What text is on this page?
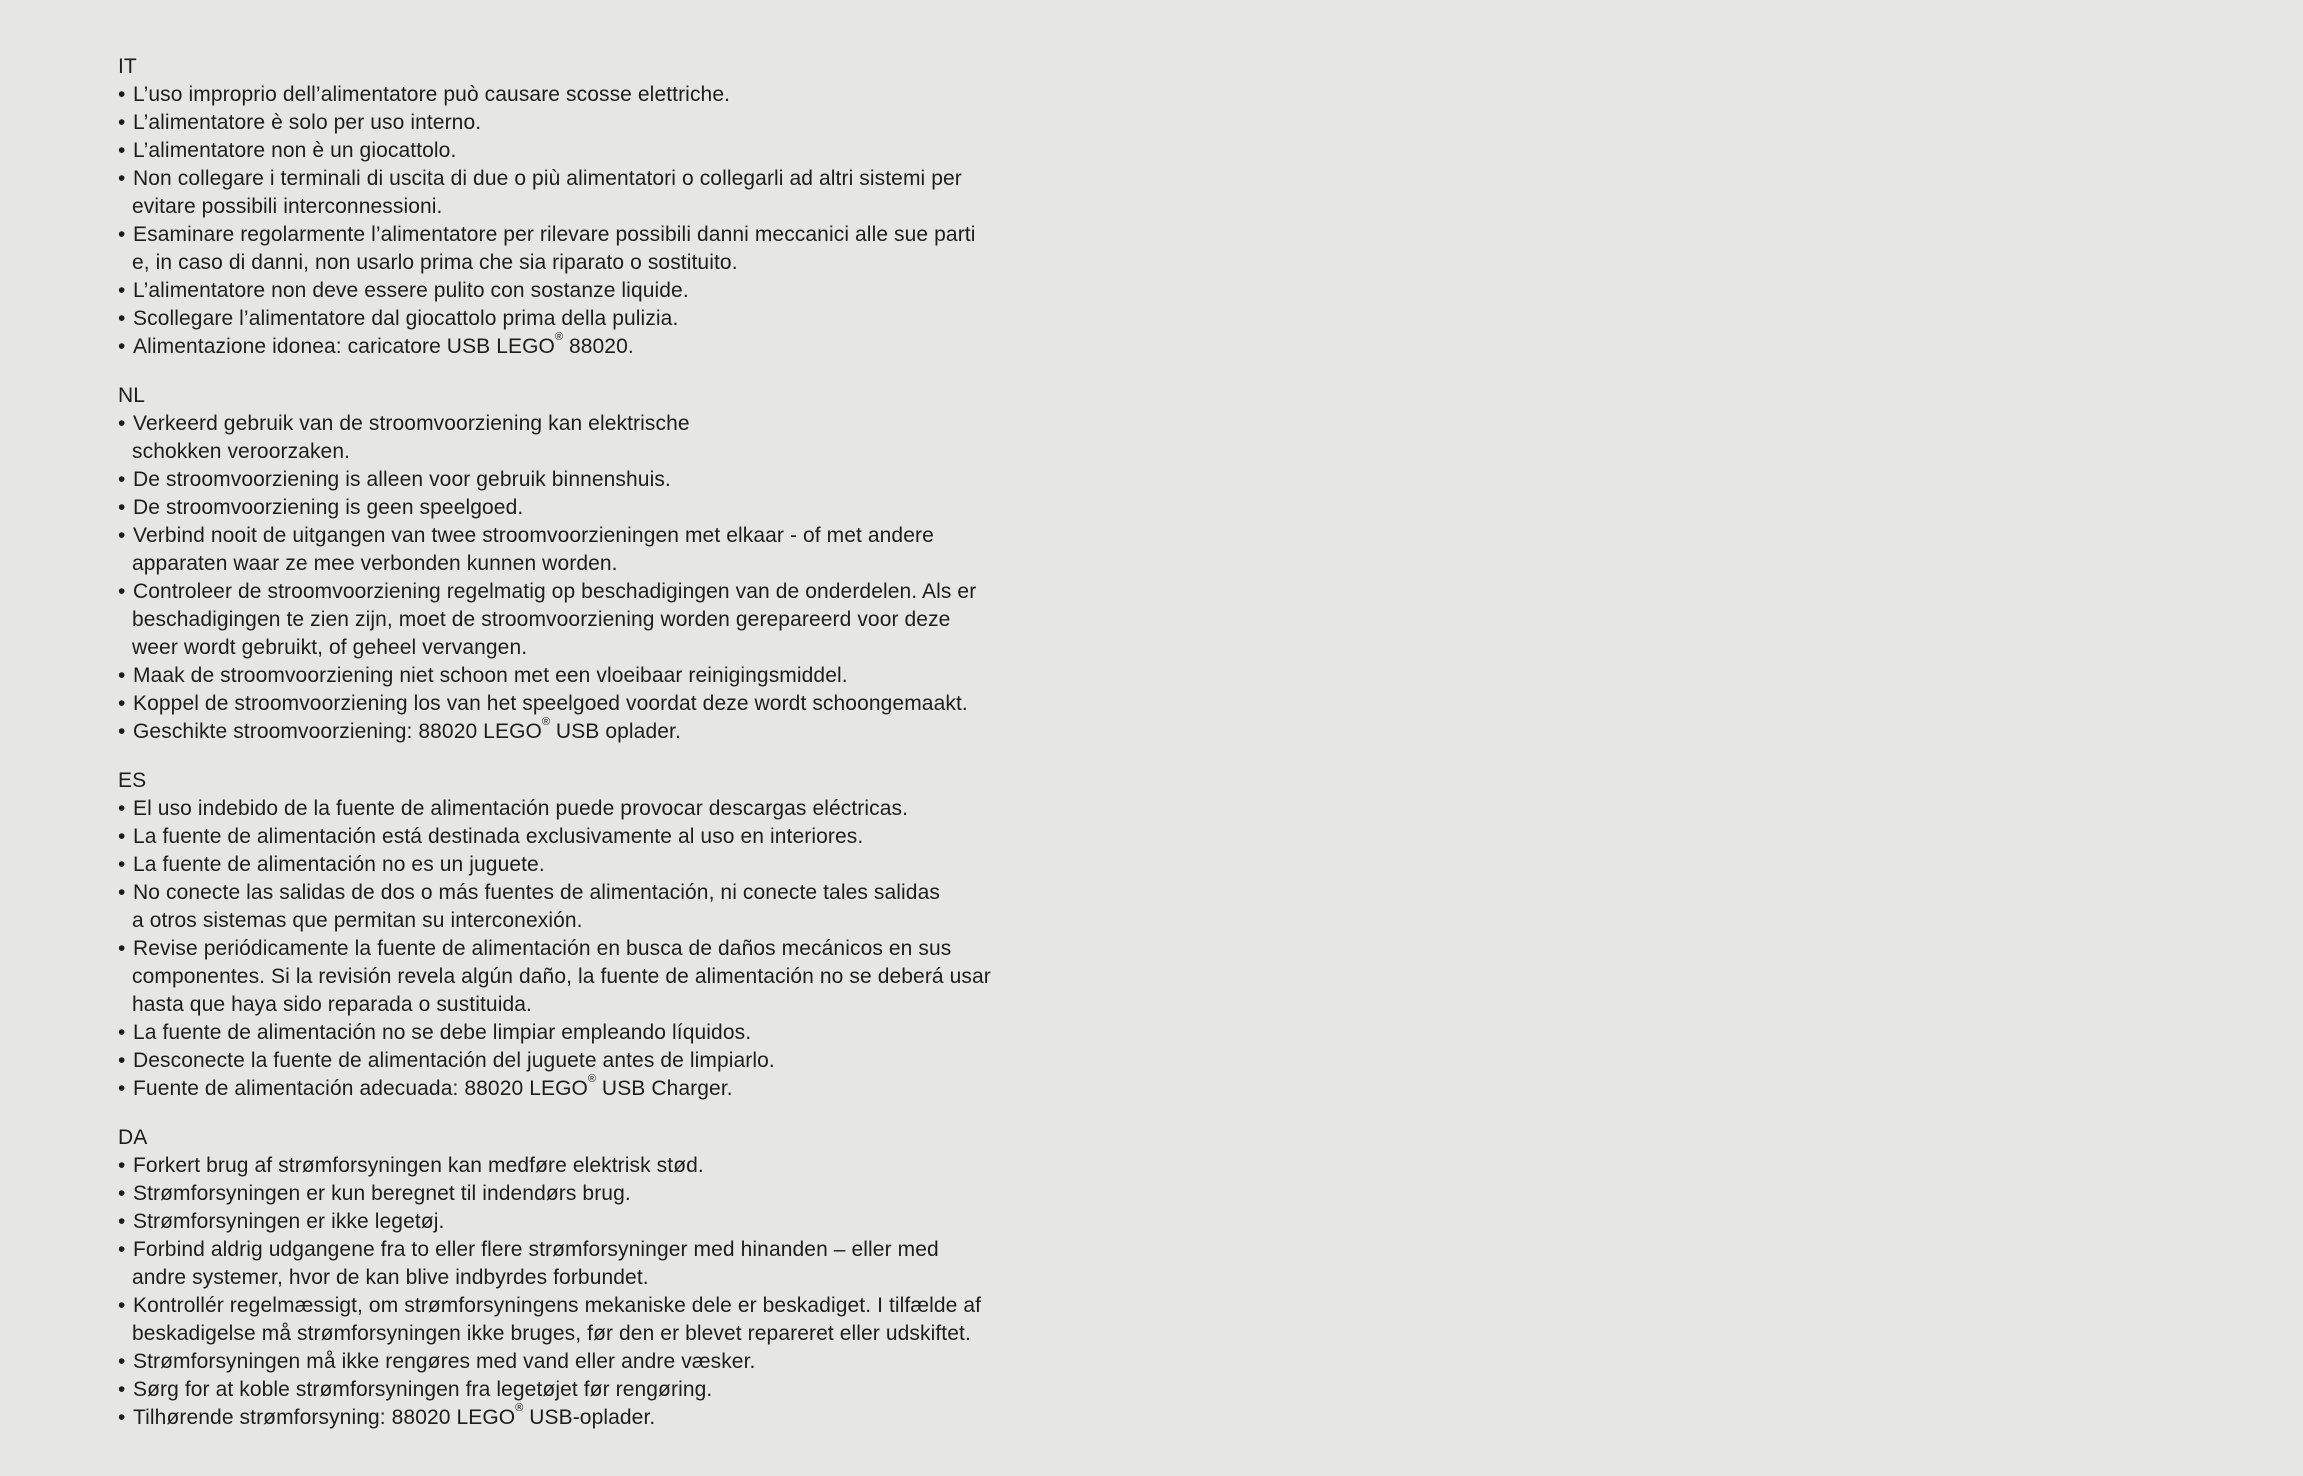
IT
• L’uso improprio dell’alimentatore può causare scosse elettriche.
• L’alimentatore è solo per uso interno.
• L’alimentatore non è un giocattolo.
• Non collegare i terminali di uscita di due o più alimentatori o collegarli ad altri sistemi per
evitare possibili interconnessioni.
• Esaminare regolarmente l’alimentatore per rilevare possibili danni meccanici alle sue parti
e, in caso di danni, non usarlo prima che sia riparato o sostituito.
• L’alimentatore non deve essere pulito con sostanze liquide.
• Scollegare l’alimentatore dal giocattolo prima della pulizia.
• Alimentazione idonea: caricatore USB LEGO® 88020.
NL
• Verkeerd gebruik van de stroomvoorziening kan elektrische
schokken veroorzaken.
• De stroomvoorziening is alleen voor gebruik binnenshuis.
• De stroomvoorziening is geen speelgoed.
• Verbind nooit de uitgangen van twee stroomvoorzieningen met elkaar - of met andere
apparaten waar ze mee verbonden kunnen worden.
• Controleer de stroomvoorziening regelmatig op beschadigingen van de onderdelen. Als er
beschadigingen te zien zijn, moet de stroomvoorziening worden gerepareerd voor deze
weer wordt gebruikt, of geheel vervangen.
• Maak de stroomvoorziening niet schoon met een vloeibaar reinigingsmiddel.
• Koppel de stroomvoorziening los van het speelgoed voordat deze wordt schoongemaakt.
• Geschikte stroomvoorziening: 88020 LEGO® USB oplader.
ES
• El uso indebido de la fuente de alimentación puede provocar descargas eléctricas.
• La fuente de alimentación está destinada exclusivamente al uso en interiores.
• La fuente de alimentación no es un juguete.
• No conecte las salidas de dos o más fuentes de alimentación, ni conecte tales salidas
a otros sistemas que permitan su interconexión.
• Revise periódicamente la fuente de alimentación en busca de daños mecánicos en sus
componentes. Si la revisión revela algún daño, la fuente de alimentación no se deberá usar
hasta que haya sido reparada o sustituida.
• La fuente de alimentación no se debe limpiar empleando líquidos.
• Desconecte la fuente de alimentación del juguete antes de limpiarlo.
• Fuente de alimentación adecuada: 88020 LEGO® USB Charger.
DA
• Forkert brug af strømforsyningen kan medføre elektrisk stød.
• Strømforsyningen er kun beregnet til indendørs brug.
• Strømforsyningen er ikke legetøj.
• Forbind aldrig udgangene fra to eller flere strømforsyninger med hinanden – eller med
andre systemer, hvor de kan blive indbyrdes forbundet.
• Kontrollér regelmæssigt, om strømforsyningens mekaniske dele er beskadiget. I tilfælde af
beskadigelse må strømforsyningen ikke bruges, før den er blevet repareret eller udskiftet.
• Strømforsyningen må ikke rengøres med vand eller andre væsker.
• Sørg for at koble strømforsyningen fra legetøjet før rengøring.
• Tilhørende strømforsyning: 88020 LEGO® USB-oplader.
